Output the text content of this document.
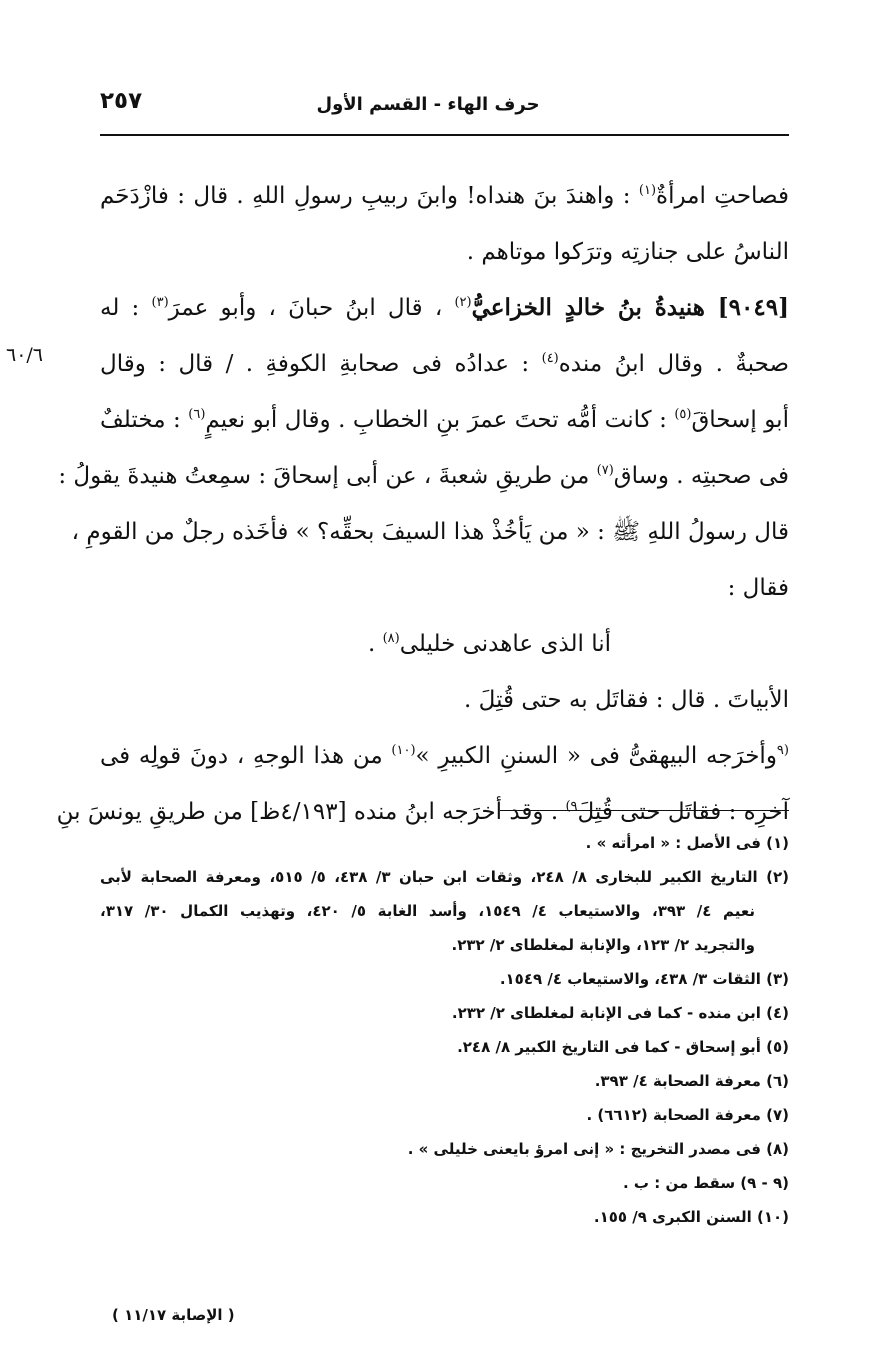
حرف الهاء - القسم الأول
٢٥٧
٦٠/٦
فصاحتِ امرأةٌ$^{(١)}$ : واهندَ بنَ هنداه! وابنَ ربيبِ رسولِ اللهِ . قال : فازْدَحَم
الناسُ على جنازتِه وترَكوا موتاهم .
[٩٠٤٩] هنيدةُ بنُ خالدٍ الخزاعيُّ$^{(٢)}$ ، قال ابنُ حبانَ ، وأبو عمرَ$^{(٣)}$ : له
صحبةٌ . وقال ابنُ منده$^{(٤)}$ : عدادُه فى صحابةِ الكوفةِ . / قال : وقال
أبو إسحاقَ$^{(٥)}$ : كانت أمُّه تحتَ عمرَ بنِ الخطابِ . وقال أبو نعيمٍ$^{(٦)}$ : مختلفٌ
فى صحبتِه . وساق$^{(٧)}$ من طريقِ شعبةَ ، عن أبى إسحاقَ : سمِعتُ هنيدةَ يقولُ :
قال رسولُ اللهِ ﷺ : « من يَأخُذْ هذا السيفَ بحقِّه؟ » فأخَذه رجلٌ من القومِ ،
فقال :
أنا الذى عاهدنى خليلى$^{(٨)}$ .
الأبياتَ . قال : فقاتَل به حتى قُتِلَ .
$^{(٩}$وأخرَجه البيهقىُّ فى « السننِ الكبيرِ »$^{(١٠)}$ من هذا الوجهِ ، دونَ قولِه فى
آخرِه : فقاتَل حتى قُتِلَ$^{٩)}$ . وقد أخرَجه ابنُ منده [٤/١٩٣ظ] من طريقِ يونسَ بنِ
(١) فى الأصل : « امرأته » .
(٢) التاريخ الكبير للبخارى ٨/ ٢٤٨، وثقات ابن حبان ٣/ ٤٣٨، ٥/ ٥١٥، ومعرفة الصحابة لأبى
نعيم ٤/ ٣٩٣، والاستيعاب ٤/ ١٥٤٩، وأسد الغابة ٥/ ٤٢٠، وتهذيب الكمال ٣٠/ ٣١٧،
والتجريد ٢/ ١٢٣، والإنابة لمغلطاى ٢/ ٢٣٢.
(٣) الثقات ٣/ ٤٣٨، والاستيعاب ٤/ ١٥٤٩.
(٤) ابن منده - كما فى الإنابة لمغلطاى ٢/ ٢٣٢.
(٥) أبو إسحاق - كما فى التاريخ الكبير ٨/ ٢٤٨.
(٦) معرفة الصحابة ٤/ ٣٩٣.
(٧) معرفة الصحابة (٦٦١٢) .
(٨) فى مصدر التخريج : « إنى امرؤ بايعنى خليلى » .
(٩ - ٩) سقط من : ب .
(١٠) السنن الكبرى ٩/ ١٥٥.
( الإصابة ١١/١٧ )
